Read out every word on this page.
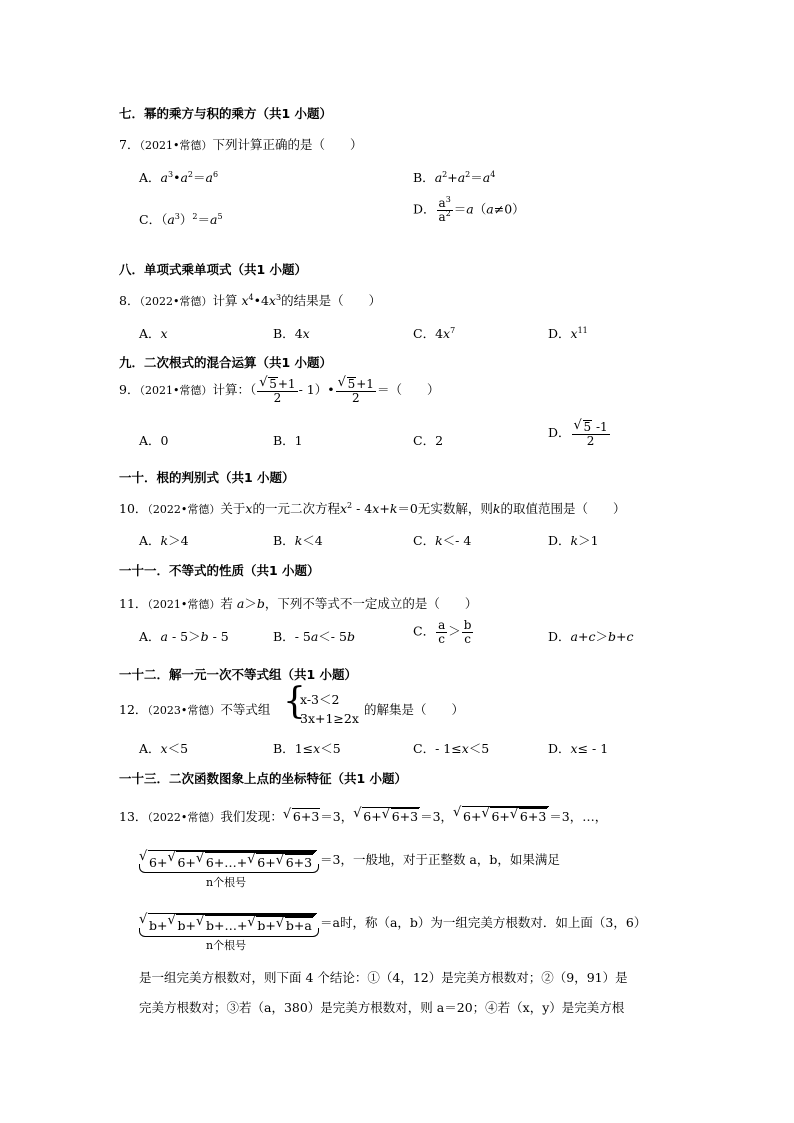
七．幂的乘方与积的乘方（共1 小题）
7．（2021•常德）下列计算正确的是（　　）
A．$a^3•a^2=a^6$	B．$a^2+a^2=a^4$
C．$(a^3)^2=a^5$	D． $\frac{a^3}{a^2} =a(a\ne 0)$
八．单项式乘单项式（共1 小题）
8．（2022•常德）计算 $x^4•4x^3$的结果是（　　）
A．x	B．4x	C．$4x^7$	D．$x^{11}$
九．二次根式的混合运算（共1 小题）
9．（2021•常德）计算：（ √ $\frac{5+1}{2}$ - 1）• √ $\frac{5+1}{2}$ ＝（　　）
A．0	B．1	C．2
D． √ $\frac{5 -1}{2}$
一十．根的判别式（共1 小题）
10．（2022•常德）关于x的一元二次方程$x^2 - 4x+k=0$无实数解，则k的取值范围是（　　）
A．k＞4	B．k＜4	C．k＜- 4	D．k＞1
一十一．不等式的性质（共1 小题）
11．（2021•常德）若 a＞b，下列不等式不一定成立的是（　　）
A．a - 5＞b - 5	B．- 5a＜- 5b	C． $\frac{a}{c} > \frac{b}{c}$	D．a+c＞b+c
一十二．解一元一次不等式组（共1 小题）
12．（2023•常德）不等式组 {
x-3＜2
3x+1≥2x
的解集是（　　）
A．x＜5	B．1≤x＜5	C．- 1≤x＜5	D．x≤ - 1
一十三．二次函数图象上点的坐标特征（共1 小题）
13．（2022•常德）我们发现： √ 6+3＝3， √ 6+ √ 6+3 ＝3， √ 6+ √ 6+ √ 6+3 ＝3，…，
√ 6+ √ 6+ √ 6+…+ √ 6+ √ 6+3
n个根号
＝3，一般地，对于正整数 a，b，如果满足
√ b+ √ b+ √ b+…+ √ b+ √ b+a
n个根号
＝a时，称（a，b）为一组完美方根数对．如上面（3，6）
是一组完美方根数对，则下面 4 个结论：①（4，12）是完美方根数对；②（9，91）是
完美方根数对；③若（a，380）是完美方根数对，则 a＝20；④若（x，y）是完美方根
